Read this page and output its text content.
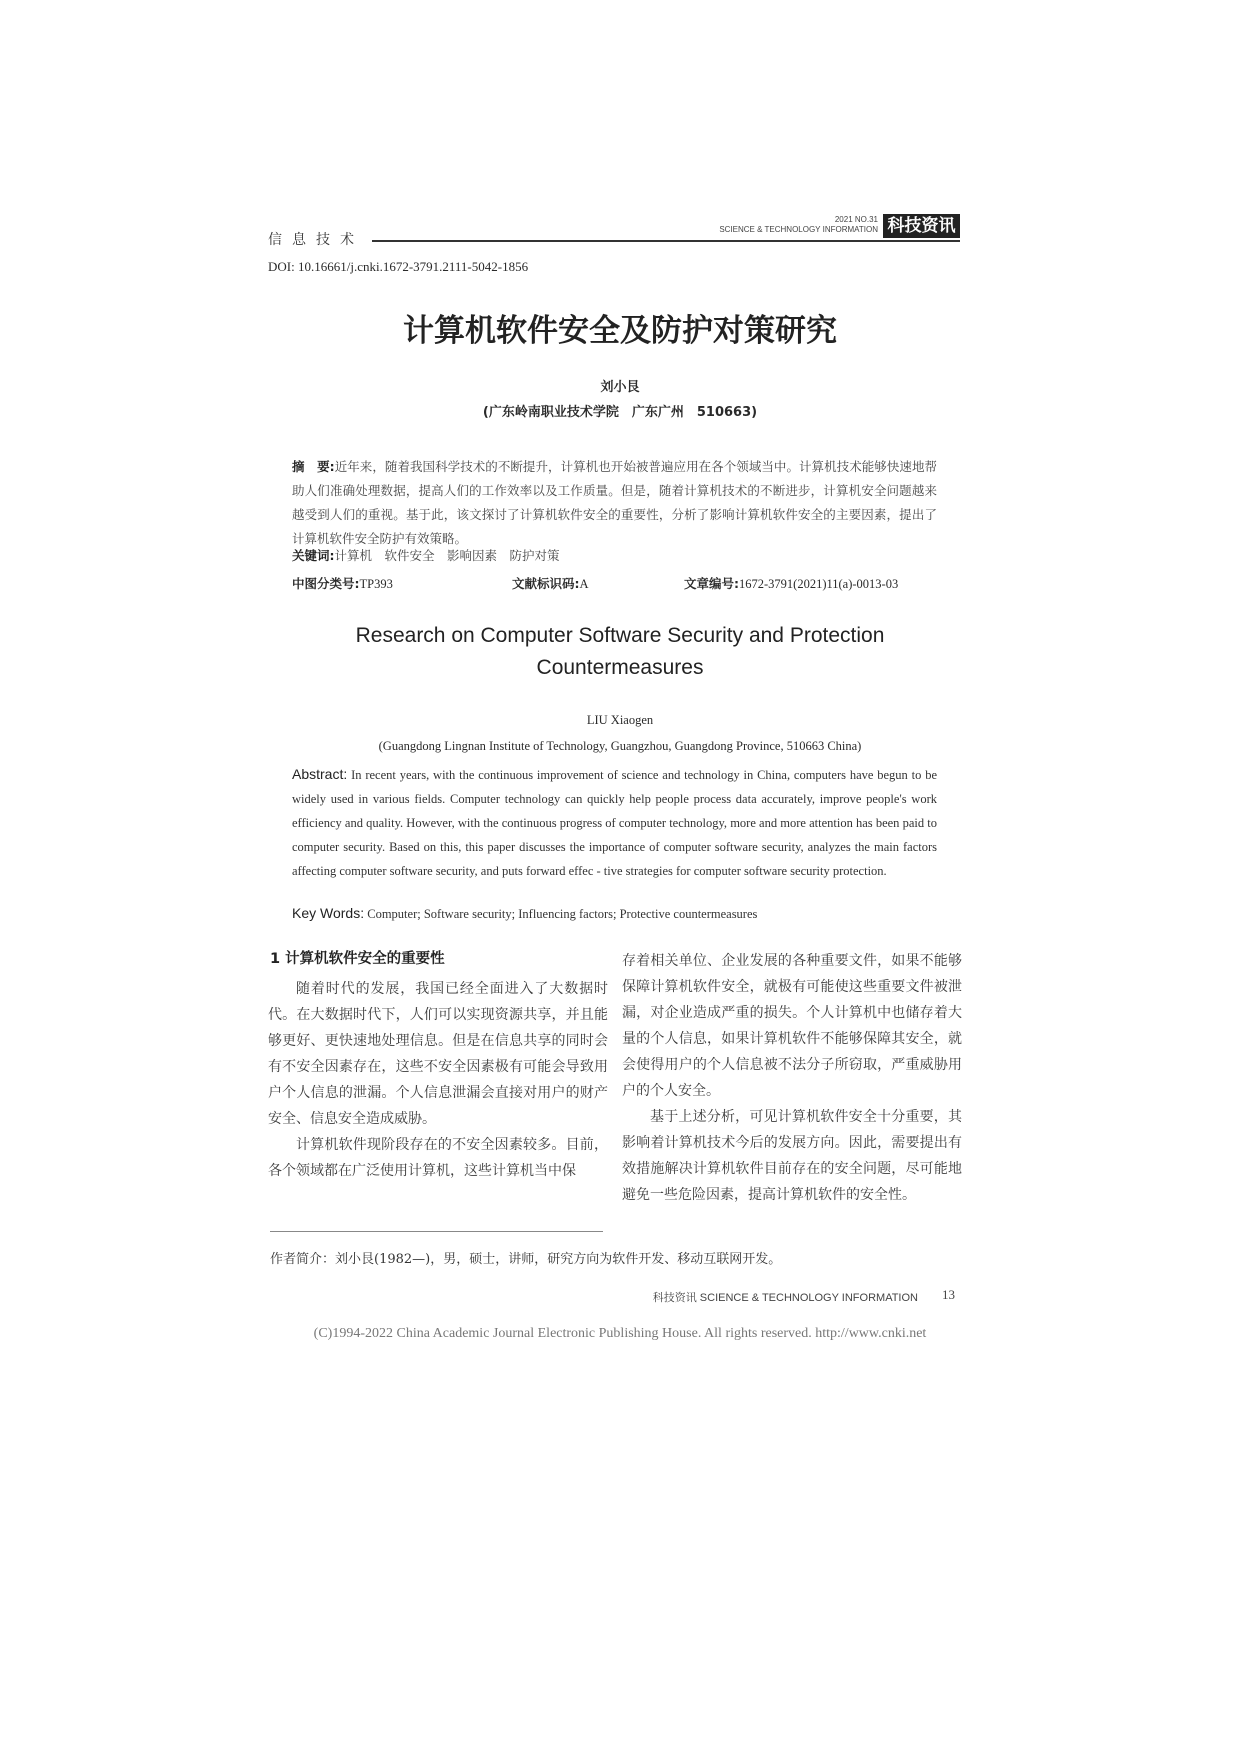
信息技术
2021 NO.31
SCIENCE & TECHNOLOGY INFORMATION 科技资讯
DOI: 10.16661/j.cnki.1672-3791.2111-5042-1856
计算机软件安全及防护对策研究
刘小艮
(广东岭南职业技术学院　广东广州　510663)
摘　要:近年来，随着我国科学技术的不断提升，计算机也开始被普遍应用在各个领域当中。计算机技术能够快速地帮助人们准确处理数据，提高人们的工作效率以及工作质量。但是，随着计算机技术的不断进步，计算机安全问题越来越受到人们的重视。基于此，该文探讨了计算机软件安全的重要性，分析了影响计算机软件安全的主要因素，提出了计算机软件安全防护有效策略。
关键词:计算机　软件安全　影响因素　防护对策
中图分类号:TP393	文献标识码:A	文章编号:1672-3791(2021)11(a)-0013-03
Research on Computer Software Security and Protection Countermeasures
LIU Xiaogen
(Guangdong Lingnan Institute of Technology, Guangzhou, Guangdong Province, 510663 China)
Abstract: In recent years, with the continuous improvement of science and technology in China, computers have begun to be widely used in various fields. Computer technology can quickly help people process data accurately, improve people's work efficiency and quality. However, with the continuous progress of computer technology, more and more attention has been paid to computer security. Based on this, this paper discusses the importance of computer software security, analyzes the main factors affecting computer software security, and puts forward effec - tive strategies for computer software security protection.
Key Words: Computer; Software security; Influencing factors; Protective countermeasures
1 计算机软件安全的重要性

随着时代的发展，我国已经全面进入了大数据时代。在大数据时代下，人们可以实现资源共享，并且能够更好、更快速地处理信息。但是在信息共享的同时会有不安全因素存在，这些不安全因素极有可能会导致用户个人信息的泄漏。个人信息泄漏会直接对用户的财产安全、信息安全造成威胁。

计算机软件现阶段存在的不安全因素较多。目前，各个领域都在广泛使用计算机，这些计算机当中保

存着相关单位、企业发展的各种重要文件，如果不能够保障计算机软件安全，就极有可能使这些重要文件被泄漏，对企业造成严重的损失。个人计算机中也储存着大量的个人信息，如果计算机软件不能够保障其安全，就会使得用户的个人信息被不法分子所窃取，严重威胁用户的个人安全。

基于上述分析，可见计算机软件安全十分重要，其影响着计算机技术今后的发展方向。因此，需要提出有效措施解决计算机软件目前存在的安全问题，尽可能地避免一些危险因素，提高计算机软件的安全性。

作者简介：刘小艮(1982—)，男，硕士，讲师，研究方向为软件开发、移动互联网开发。
科技资讯 SCIENCE & TECHNOLOGY INFORMATION 13
(C)1994-2022 China Academic Journal Electronic Publishing House. All rights reserved. http://www.cnki.net
